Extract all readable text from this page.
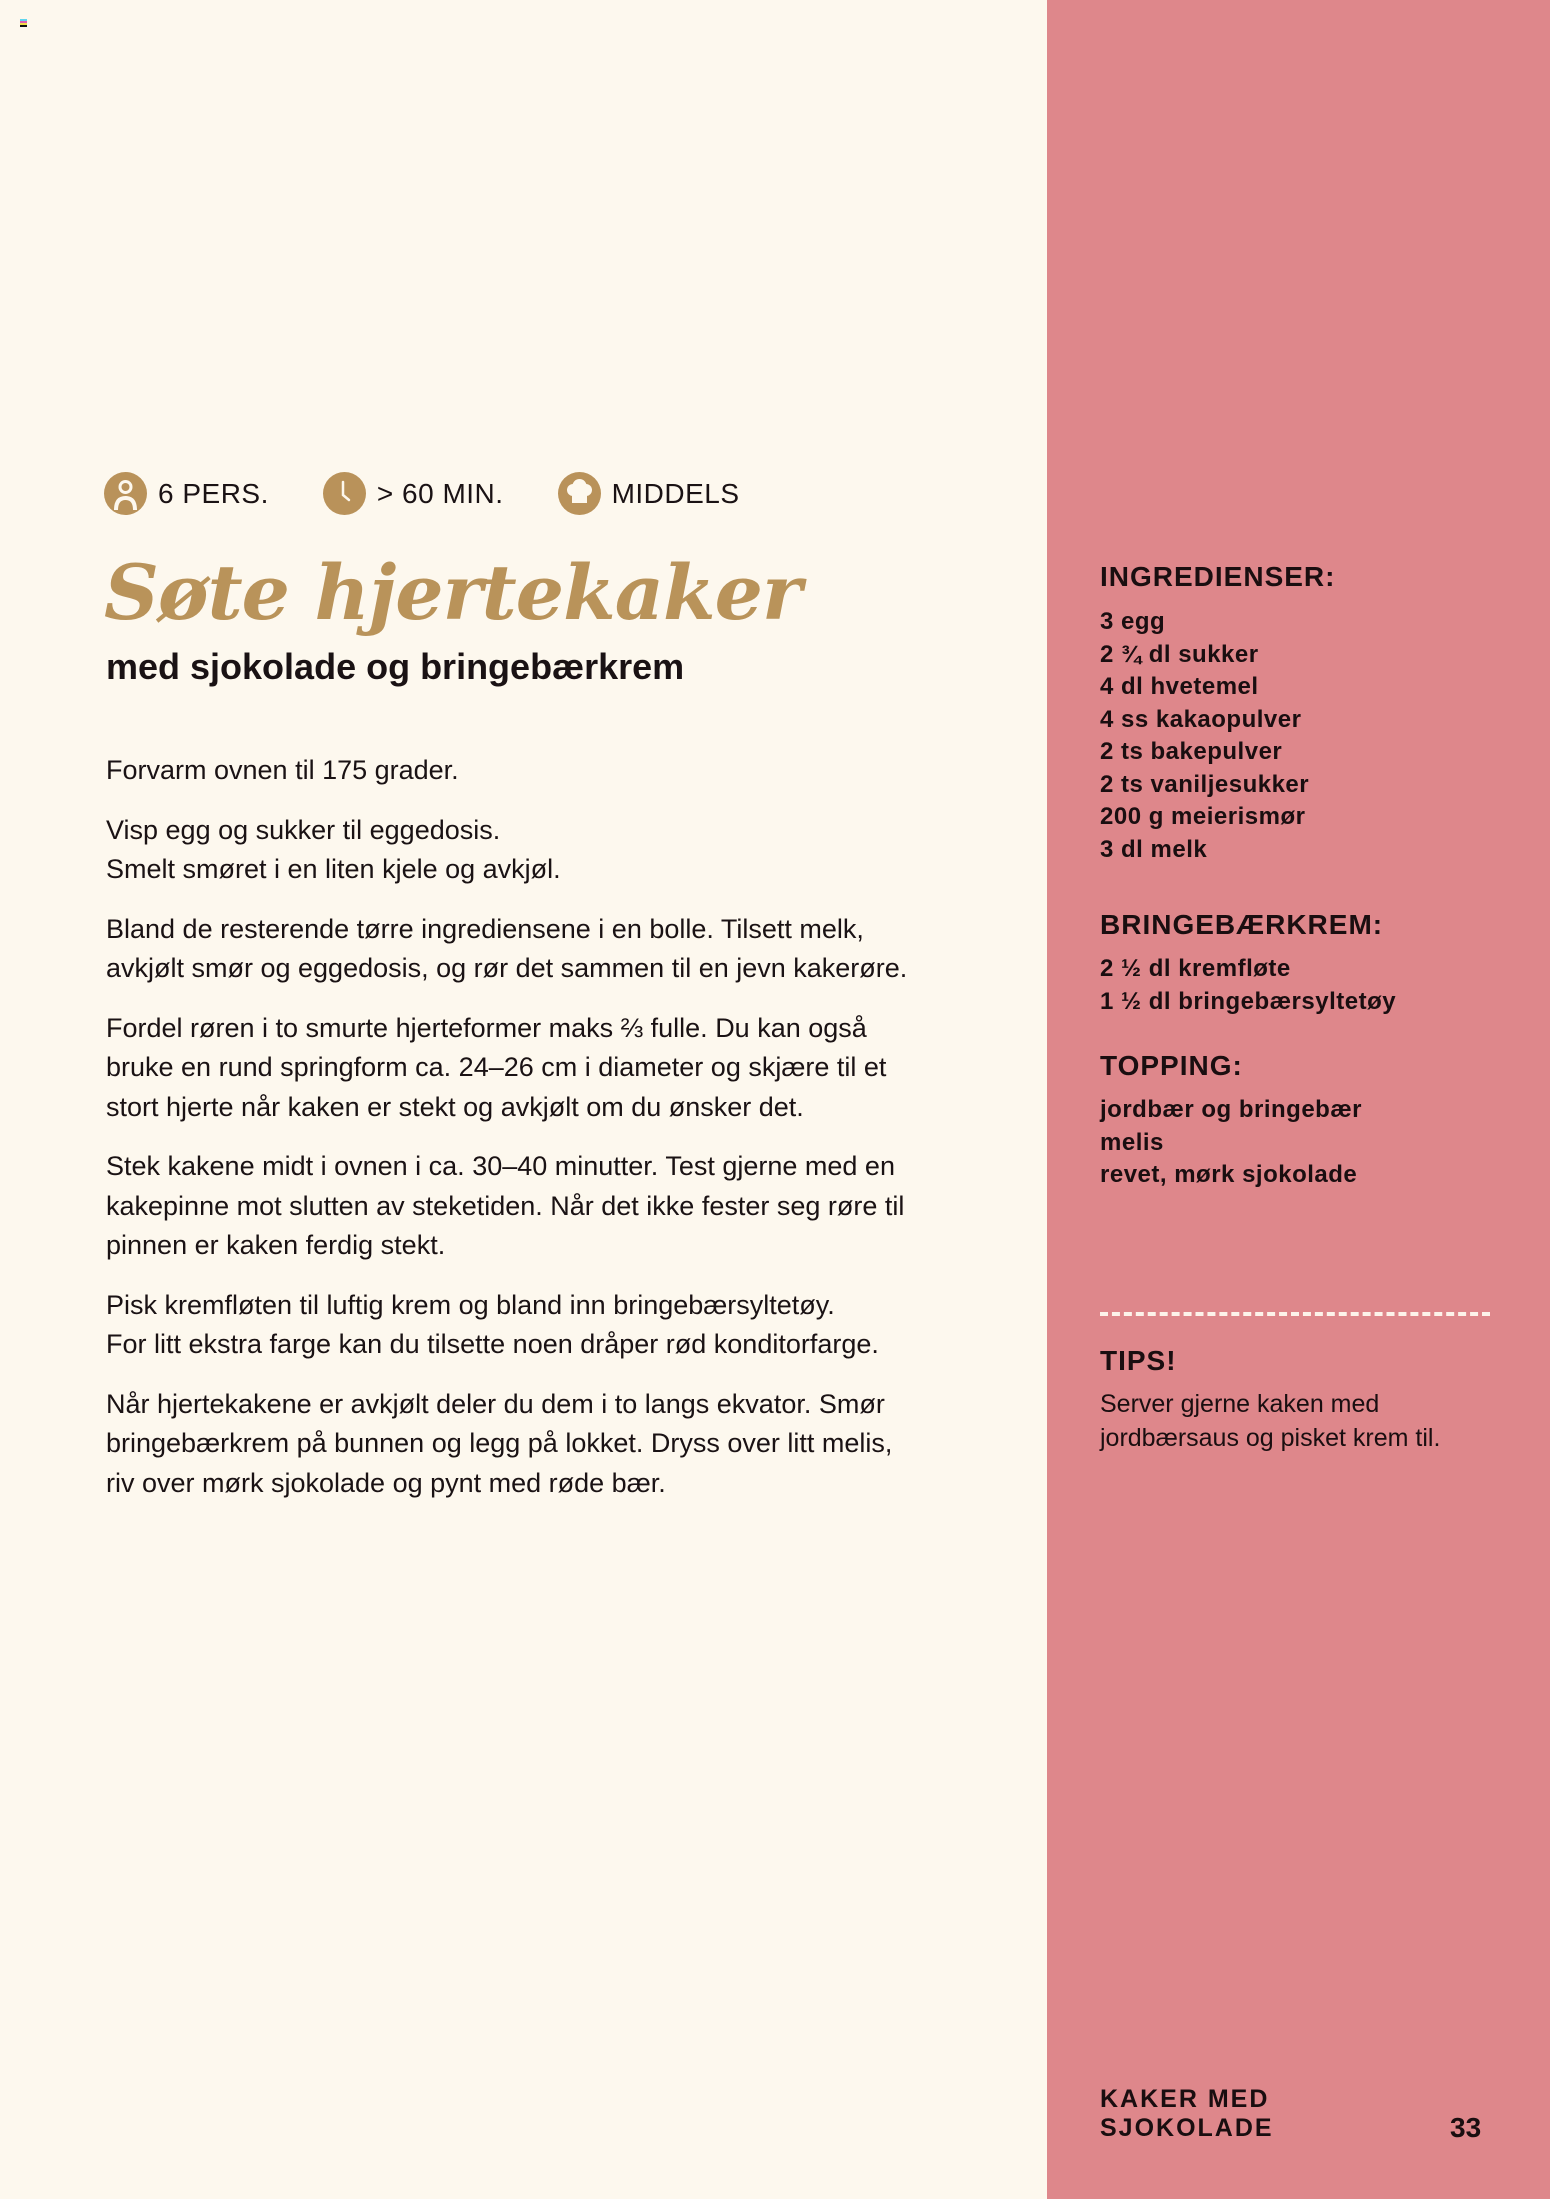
6 PERS.	> 60 MIN.	MIDDELS
Søte hjertekaker
med sjokolade og bringebærkrem

Forvarm ovnen til 175 grader.

Visp egg og sukker til eggedosis.
Smelt smøret i en liten kjele og avkjøl.

Bland de resterende tørre ingrediensene i en bolle. Tilsett melk,
avkjølt smør og eggedosis, og rør det sammen til en jevn kakerøre.

Fordel røren i to smurte hjerteformer maks ⅔ fulle. Du kan også
bruke en rund springform ca. 24–26 cm i diameter og skjære til et
stort hjerte når kaken er stekt og avkjølt om du ønsker det.

Stek kakene midt i ovnen i ca. 30–40 minutter. Test gjerne med en
kakepinne mot slutten av steketiden. Når det ikke fester seg røre til
pinnen er kaken ferdig stekt.

Pisk kremfløten til luftig krem og bland inn bringebærsyltetøy.
For litt ekstra farge kan du tilsette noen dråper rød konditorfarge.

Når hjertekakene er avkjølt deler du dem i to langs ekvator. Smør
bringebærkrem på bunnen og legg på lokket. Dryss over litt melis,
riv over mørk sjokolade og pynt med røde bær.

INGREDIENSER:
3 egg
2 ¾ dl sukker
4 dl hvetemel
4 ss kakaopulver
2 ts bakepulver
2 ts vaniljesukker
200 g meierismør
3 dl melk
BRINGEBÆRKREM:
2 ½ dl kremfløte
1 ½ dl bringebærsyltetøy
TOPPING:
jordbær og bringebær
melis
revet, mørk sjokolade
TIPS!
Server gjerne kaken med jordbærsaus og pisket krem til.
KAKER MED
SJOKOLADE	33
